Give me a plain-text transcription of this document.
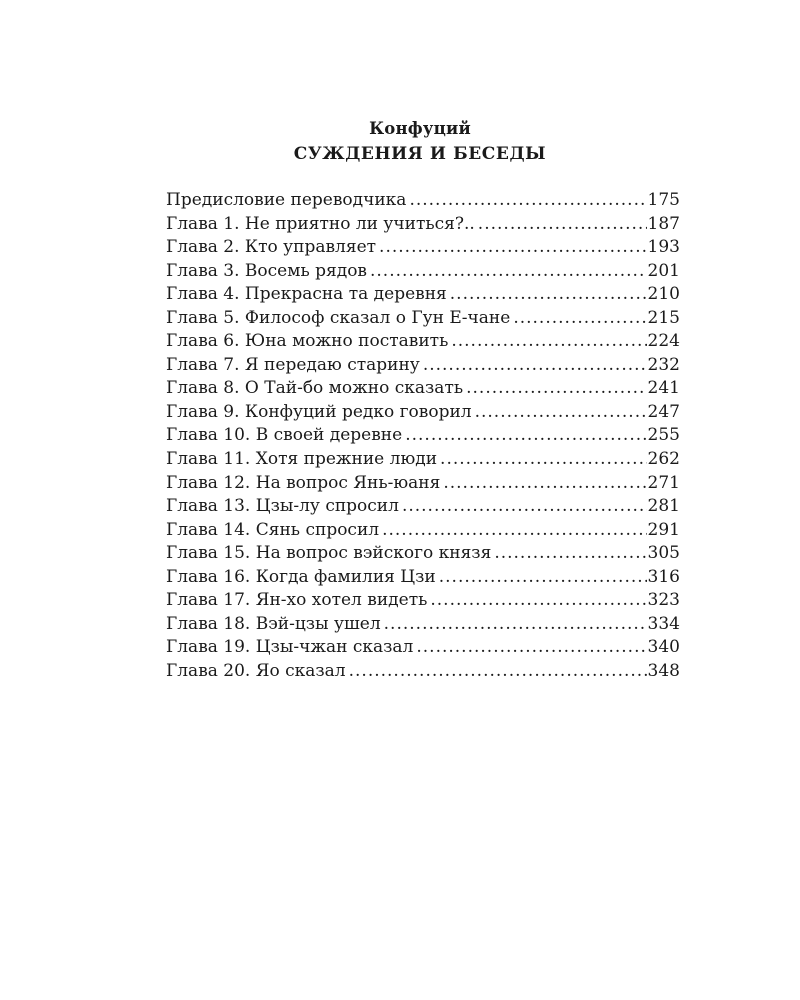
Конфуций
СУЖДЕНИЯ И БЕСЕДЫ
Предисловие переводчика .....	175
Глава 1. Не приятно ли учиться?.. .....	187
Глава 2. Кто управляет .....	193
Глава 3. Восемь рядов .....	201
Глава 4. Прекрасна та деревня .....	210
Глава 5. Философ сказал о Гун Е-чане .....	215
Глава 6. Юна можно поставить .....	224
Глава 7. Я передаю старину .....	232
Глава 8. О Тай-бо можно сказать .....	241
Глава 9. Конфуций редко говорил .....	247
Глава 10. В своей деревне .....	255
Глава 11. Хотя прежние люди .....	262
Глава 12. На вопрос Янь-юаня .....	271
Глава 13. Цзы-лу спросил .....	281
Глава 14. Сянь спросил .....	291
Глава 15. На вопрос вэйского князя .....	305
Глава 16. Когда фамилия Цзи .....	316
Глава 17. Ян-хо хотел видеть .....	323
Глава 18. Вэй-цзы ушел .....	334
Глава 19. Цзы-чжан сказал .....	340
Глава 20. Яо сказал .....	348
